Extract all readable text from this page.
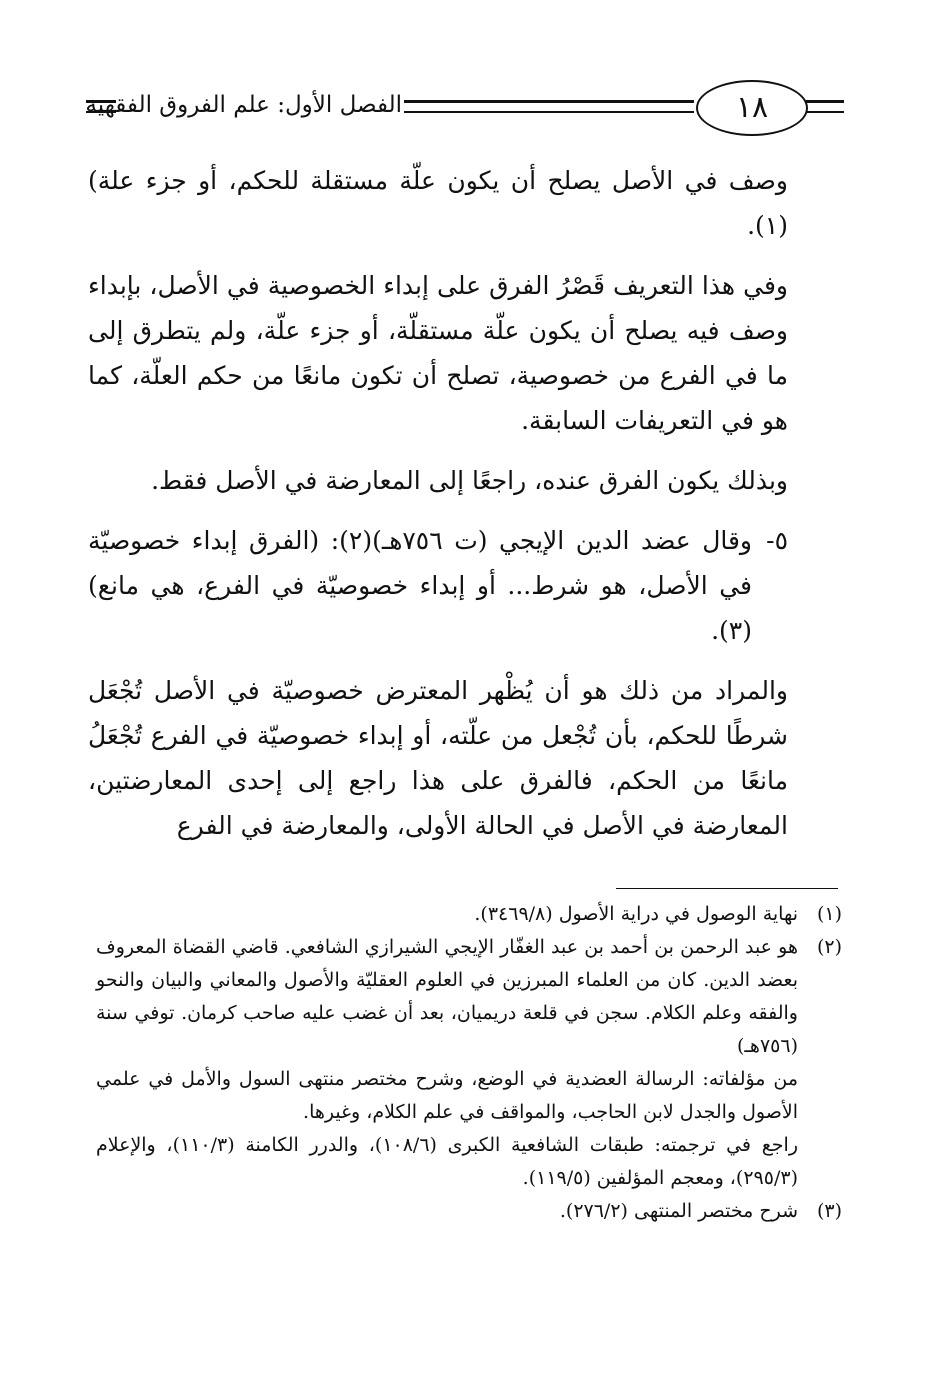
الفصل الأول: علم الفروق الفقهية	١٨

وصف في الأصل يصلح أن يكون علّة مستقلة للحكم، أو جزء علة)(١).

وفي هذا التعريف قَصْرُ الفرق على إبداء الخصوصية في الأصل، بإبداء وصف فيه يصلح أن يكون علّة مستقلّة، أو جزء علّة، ولم يتطرق إلى ما في الفرع من خصوصية، تصلح أن تكون مانعًا من حكم العلّة، كما هو في التعريفات السابقة.

وبذلك يكون الفرق عنده، راجعًا إلى المعارضة في الأصل فقط.

٥-
وقال عضد الدين الإيجي (ت ٧٥٦هـ)(٢): (الفرق إبداء خصوصيّة في الأصل، هو شرط... أو إبداء خصوصيّة في الفرع، هي مانع)(٣).

والمراد من ذلك هو أن يُظْهر المعترض خصوصيّة في الأصل تُجْعَل شرطًا للحكم، بأن تُجْعل من علّته، أو إبداء خصوصيّة في الفرع تُجْعَلُ مانعًا من الحكم، فالفرق على هذا راجع إلى إحدى المعارضتين، المعارضة في الأصل في الحالة الأولى، والمعارضة في الفرع

(١)
نهاية الوصول في دراية الأصول (٣٤٦٩/٨).

(٢)
هو عبد الرحمن بن أحمد بن عبد الغفّار الإيجي الشيرازي الشافعي. قاضي القضاة المعروف بعضد الدين. كان من العلماء المبرزين في العلوم العقليّة والأصول والمعاني والبيان والنحو والفقه وعلم الكلام. سجن في قلعة دريميان، بعد أن غضب عليه صاحب كرمان. توفي سنة (٧٥٦هـ)

من مؤلفاته: الرسالة العضدية في الوضع، وشرح مختصر منتهى السول والأمل في علمي الأصول والجدل لابن الحاجب، والمواقف في علم الكلام، وغيرها.

راجع في ترجمته: طبقات الشافعية الكبرى (١٠٨/٦)، والدرر الكامنة (١١٠/٣)، والإعلام (٢٩٥/٣)، ومعجم المؤلفين (١١٩/٥).

(٣)
شرح مختصر المنتهى (٢٧٦/٢).
